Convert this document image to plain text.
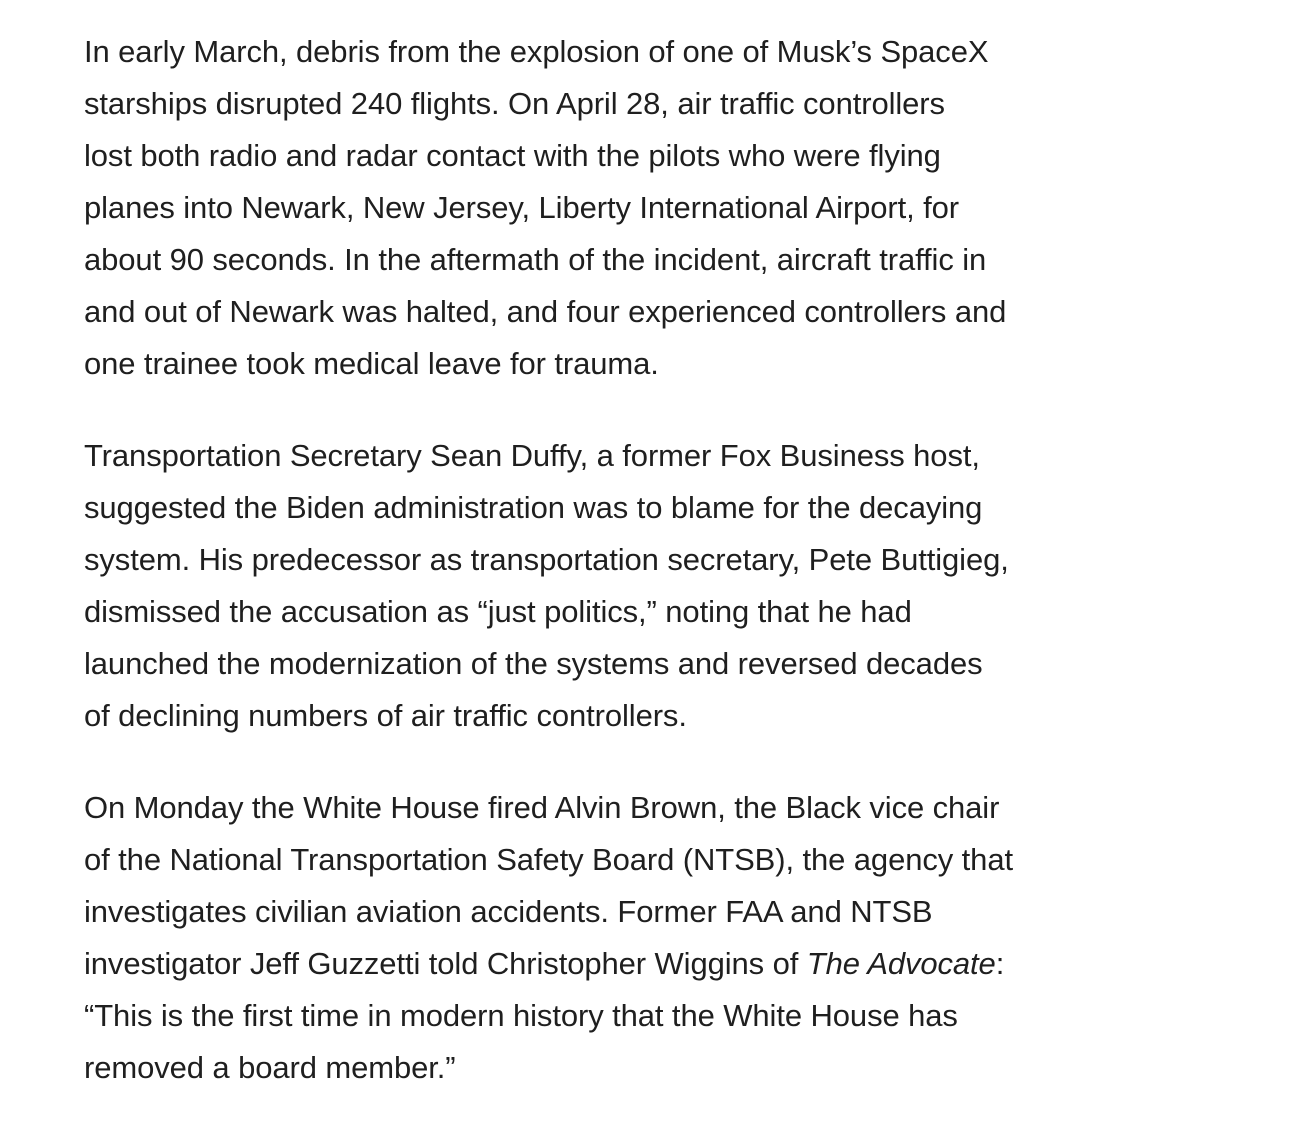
In early March, debris from the explosion of one of Musk’s SpaceX
starships disrupted 240 flights. On April 28, air traffic controllers
lost both radio and radar contact with the pilots who were flying
planes into Newark, New Jersey, Liberty International Airport, for
about 90 seconds. In the aftermath of the incident, aircraft traffic in
and out of Newark was halted, and four experienced controllers and
one trainee took medical leave for trauma.
Transportation Secretary Sean Duffy, a former Fox Business host,
suggested the Biden administration was to blame for the decaying
system. His predecessor as transportation secretary, Pete Buttigieg,
dismissed the accusation as “just politics,” noting that he had
launched the modernization of the systems and reversed decades
of declining numbers of air traffic controllers.
On Monday the White House fired Alvin Brown, the Black vice chair
of the National Transportation Safety Board (NTSB), the agency that
investigates civilian aviation accidents. Former FAA and NTSB
investigator Jeff Guzzetti told Christopher Wiggins of The Advocate:
“This is the first time in modern history that the White House has
removed a board member.”
